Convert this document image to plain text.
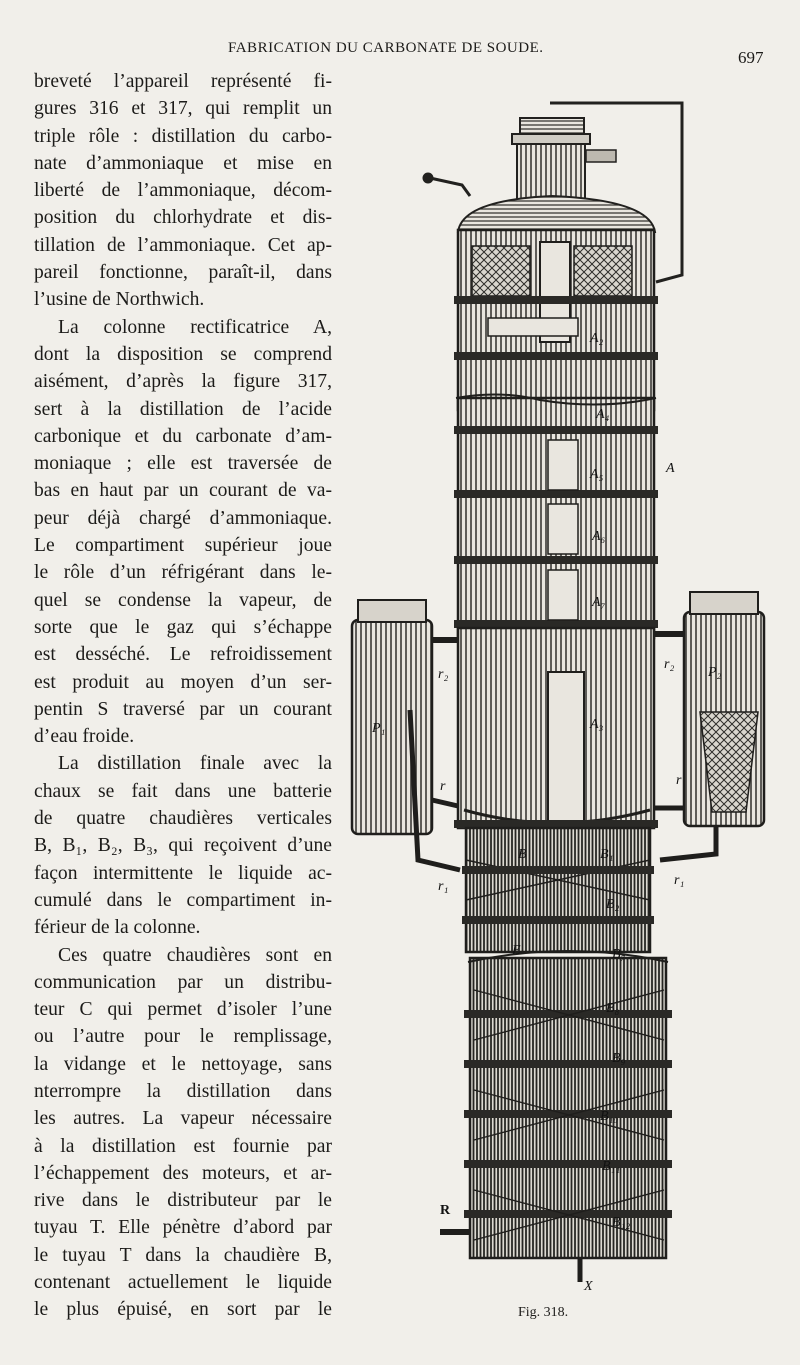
FABRICATION DU CARBONATE DE SOUDE.	697
breveté l’appareil représenté fi-
gures 316 et 317, qui remplit un
triple rôle : distillation du carbo-
nate d’ammoniaque et mise en
liberté de l’ammoniaque, décom-
position du chlorhydrate et dis-
tillation de l’ammoniaque. Cet ap-
pareil fonctionne, paraît-il, dans
l’usine de Northwich.
La colonne rectificatrice A,
dont la disposition se comprend
aisément, d’après la figure 317,
sert à la distillation de l’acide
carbonique et du carbonate d’am-
moniaque ; elle est traversée de
bas en haut par un courant de va-
peur déjà chargé d’ammoniaque.
Le compartiment supérieur joue
le rôle d’un réfrigérant dans le-
quel se condense la vapeur, de
sorte que le gaz qui s’échappe
est desséché. Le refroidissement
est produit au moyen d’un ser-
pentin S traversé par un courant
d’eau froide.
La distillation finale avec la
chaux se fait dans une batterie
de quatre chaudières verticales
B, B₁, B₂, B₃, qui reçoivent d’une
façon intermittente le liquide ac-
cumulé dans le compartiment in-
férieur de la colonne.
Ces quatre chaudières sont en
communication par un distribu-
teur C qui permet d’isoler l’une
ou l’autre pour le remplissage,
la vidange et le nettoyage, sans
nterrompre la distillation dans
les autres. La vapeur nécessaire
à la distillation est fournie par
l’échappement des moteurs, et ar-
rive dans le distributeur par le
tuyau T. Elle pénètre d’abord par
le tuyau T dans la chaudière B,
contenant actuellement le liquide
le plus épuisé, en sort par le
A
A₂
A₄
A₅
A₆
A₇
A₃
P₁
P₂
r₂
r₂
r	r
r₁	r₁
B	B₁
B₂
B₇
E
B₈
B₉
B₁₀
B₁₁
B₁₂
R
X
Fig. 318.
